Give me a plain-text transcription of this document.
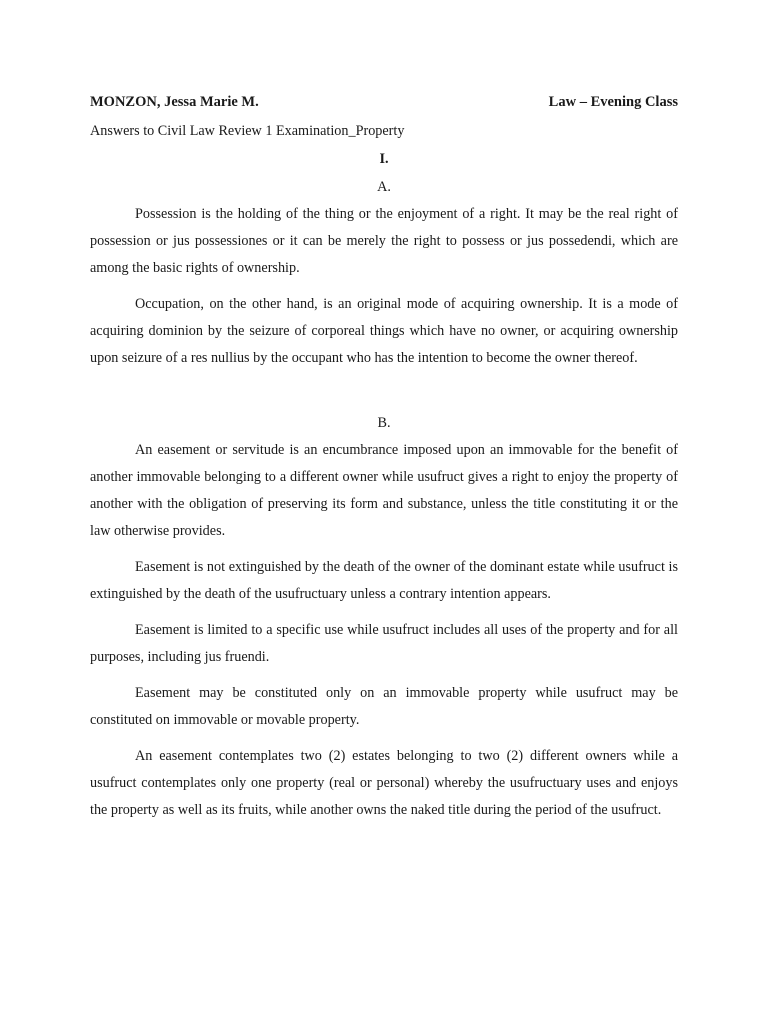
MONZON, Jessa Marie M.	Law – Evening Class
Answers to Civil Law Review 1 Examination_Property
I.
A.

Possession is the holding of the thing or the enjoyment of a right. It may be the real right of possession or jus possessiones or it can be merely the right to possess or jus possedendi, which are among the basic rights of ownership.

Occupation, on the other hand, is an original mode of acquiring ownership. It is a mode of acquiring dominion by the seizure of corporeal things which have no owner, or acquiring ownership upon seizure of a res nullius by the occupant who has the intention to become the owner thereof.

B.

An easement or servitude is an encumbrance imposed upon an immovable for the benefit of another immovable belonging to a different owner while usufruct gives a right to enjoy the property of another with the obligation of preserving its form and substance, unless the title constituting it or the law otherwise provides.

Easement is not extinguished by the death of the owner of the dominant estate while usufruct is extinguished by the death of the usufructuary unless a contrary intention appears.

Easement is limited to a specific use while usufruct includes all uses of the property and for all purposes, including jus fruendi.

Easement may be constituted only on an immovable property while usufruct may be constituted on immovable or movable property.

An easement contemplates two (2) estates belonging to two (2) different owners while a usufruct contemplates only one property (real or personal) whereby the usufructuary uses and enjoys the property as well as its fruits, while another owns the naked title during the period of the usufruct.
